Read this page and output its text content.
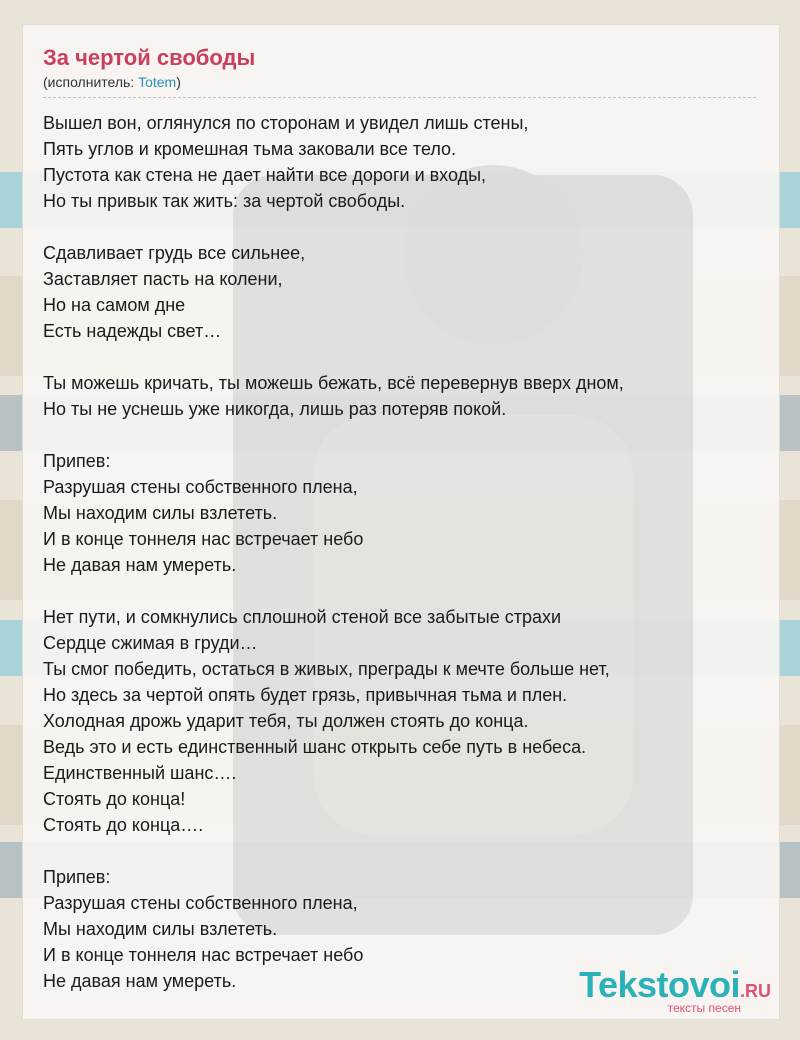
За чертой свободы
(исполнитель: Totem)
Вышел вон, оглянулся по сторонам и увидел лишь стены,
Пять углов и кромешная тьма заковали все тело.
Пустота как стена не дает найти все дороги и входы,
Но ты привык так жить: за чертой свободы.
Сдавливает грудь все сильнее,
Заставляет пасть на колени,
Но на самом дне
Есть надежды свет…
Ты можешь кричать, ты можешь бежать, всё перевернув вверх дном,
Но ты не уснешь уже никогда, лишь раз потеряв покой.
Припев:
Разрушая стены собственного плена,
Мы находим силы взлететь.
И в конце тоннеля нас встречает небо
Не давая нам умереть.
Нет пути, и сомкнулись сплошной стеной все забытые страхи
Сердце сжимая в груди…
Ты смог победить, остаться в живых, преграды к мечте больше нет,
Но здесь за чертой опять будет грязь, привычная тьма и плен.
Холодная дрожь ударит тебя, ты должен стоять до конца.
Ведь это и есть единственный шанс открыть себе путь в небеса.
Единственный шанс….
Стоять до конца!
Стоять до конца….
Припев:
Разрушая стены собственного плена,
Мы находим силы взлететь.
И в конце тоннеля нас встречает небо
Не давая нам умереть.	Tekstovoi.RU
тексты песен
